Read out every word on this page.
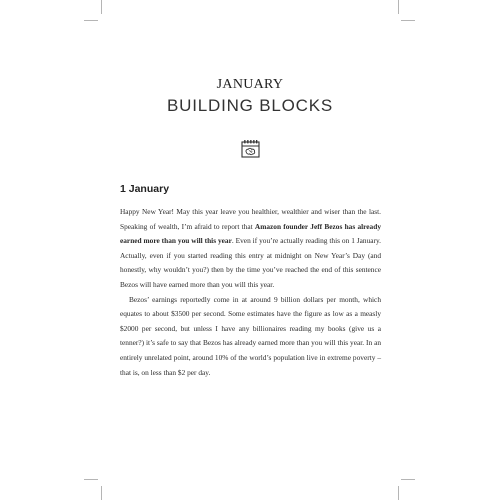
JANUARY
BUILDING BLOCKS
1 January

Happy New Year! May this year leave you healthier, wealthier and wiser than the last. Speaking of wealth, I’m afraid to report that Amazon founder Jeff Bezos has already earned more than you will this year. Even if you’re actually reading this on 1 January. Actually, even if you started reading this entry at midnight on New Year’s Day (and honestly, why wouldn’t you?) then by the time you’ve reached the end of this sentence Bezos will have earned more than you will this year.

Bezos’ earnings reportedly come in at around 9 billion dollars per month, which equates to about $3500 per second. Some estimates have the figure as low as a measly $2000 per second, but unless I have any billionaires reading my books (give us a tenner?) it’s safe to say that Bezos has already earned more than you will this year. In an entirely unrelated point, around 10% of the world’s population live in extreme poverty – that is, on less than $2 per day.
